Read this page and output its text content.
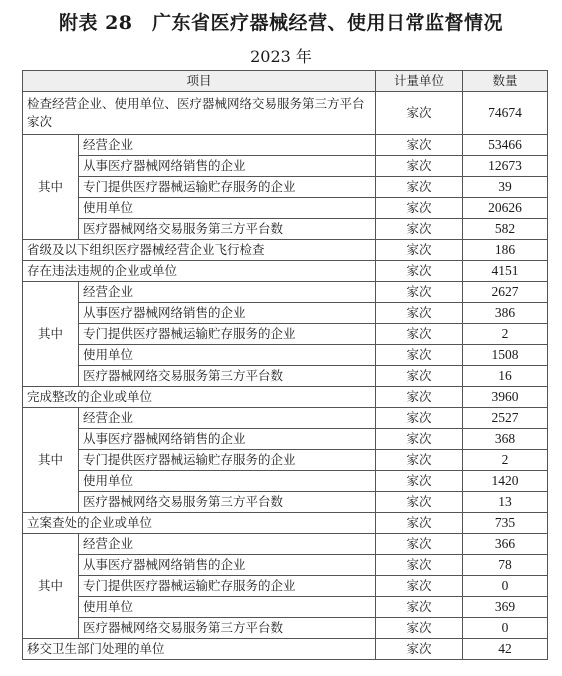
附表 28　广东省医疗器械经营、使用日常监督情况
2023 年
项目		计量单位	数量
检查经营企业、使用单位、医疗器械网络交易服务第三方平台家次		家次	74674
其中	经营企业	家次	53466
	从事医疗器械网络销售的企业	家次	12673
	专门提供医疗器械运输贮存服务的企业	家次	39
	使用单位	家次	20626
	医疗器械网络交易服务第三方平台数	家次	582
省级及以下组织医疗器械经营企业飞行检查		家次	186
存在违法违规的企业或单位		家次	4151
其中	经营企业	家次	2627
	从事医疗器械网络销售的企业	家次	386
	专门提供医疗器械运输贮存服务的企业	家次	2
	使用单位	家次	1508
	医疗器械网络交易服务第三方平台数	家次	16
完成整改的企业或单位		家次	3960
其中	经营企业	家次	2527
	从事医疗器械网络销售的企业	家次	368
	专门提供医疗器械运输贮存服务的企业	家次	2
	使用单位	家次	1420
	医疗器械网络交易服务第三方平台数	家次	13
立案查处的企业或单位		家次	735
其中	经营企业	家次	366
	从事医疗器械网络销售的企业	家次	78
	专门提供医疗器械运输贮存服务的企业	家次	0
	使用单位	家次	369
	医疗器械网络交易服务第三方平台数	家次	0
移交卫生部门处理的单位		家次	42
